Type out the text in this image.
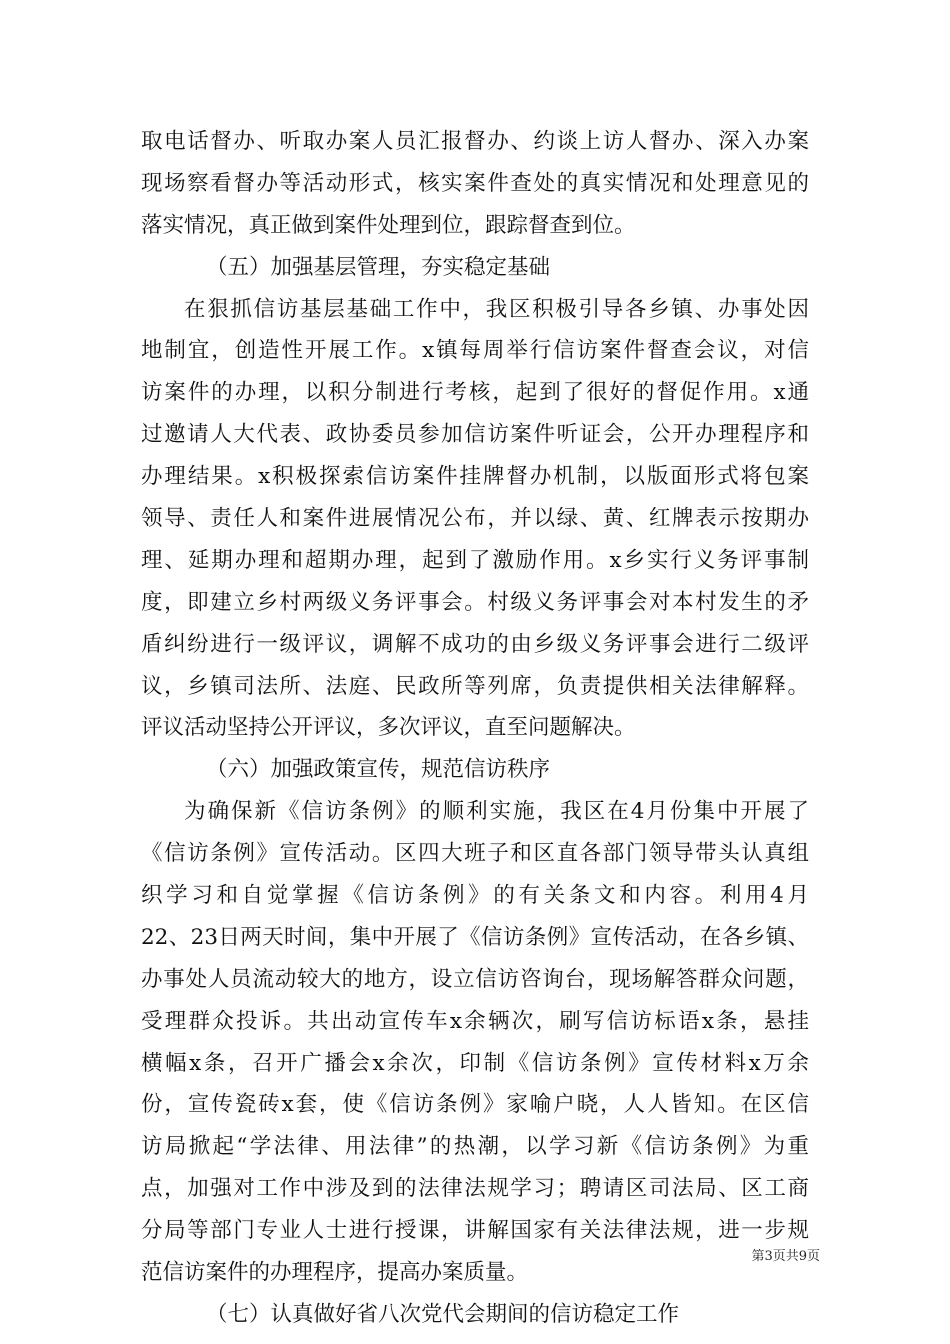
取电话督办、听取办案人员汇报督办、约谈上访人督办、深入办案
现场察看督办等活动形式，核实案件查处的真实情况和处理意见的
落实情况，真正做到案件处理到位，跟踪督查到位。
（五）加强基层管理，夯实稳定基础
在狠抓信访基层基础工作中，我区积极引导各乡镇、办事处因
地制宜，创造性开展工作。x镇每周举行信访案件督查会议，对信
访案件的办理，以积分制进行考核，起到了很好的督促作用。x通
过邀请人大代表、政协委员参加信访案件听证会，公开办理程序和
办理结果。x积极探索信访案件挂牌督办机制，以版面形式将包案
领导、责任人和案件进展情况公布，并以绿、黄、红牌表示按期办
理、延期办理和超期办理，起到了激励作用。x乡实行义务评事制
度，即建立乡村两级义务评事会。村级义务评事会对本村发生的矛
盾纠纷进行一级评议，调解不成功的由乡级义务评事会进行二级评
议，乡镇司法所、法庭、民政所等列席，负责提供相关法律解释。
评议活动坚持公开评议，多次评议，直至问题解决。
（六）加强政策宣传，规范信访秩序
为确保新《信访条例》的顺利实施，我区在4月份集中开展了
《信访条例》宣传活动。区四大班子和区直各部门领导带头认真组
织学习和自觉掌握《信访条例》的有关条文和内容。利用4月
22、23日两天时间，集中开展了《信访条例》宣传活动，在各乡镇、
办事处人员流动较大的地方，设立信访咨询台，现场解答群众问题，
受理群众投诉。共出动宣传车x余辆次，刷写信访标语x条，悬挂
横幅x条，召开广播会x余次，印制《信访条例》宣传材料x万余
份，宣传瓷砖x套，使《信访条例》家喻户晓，人人皆知。在区信
访局掀起“学法律、用法律”的热潮，以学习新《信访条例》为重
点，加强对工作中涉及到的法律法规学习；聘请区司法局、区工商
分局等部门专业人士进行授课，讲解国家有关法律法规，进一步规
范信访案件的办理程序，提高办案质量。
（七）认真做好省八次党代会期间的信访稳定工作
第3页共9页
